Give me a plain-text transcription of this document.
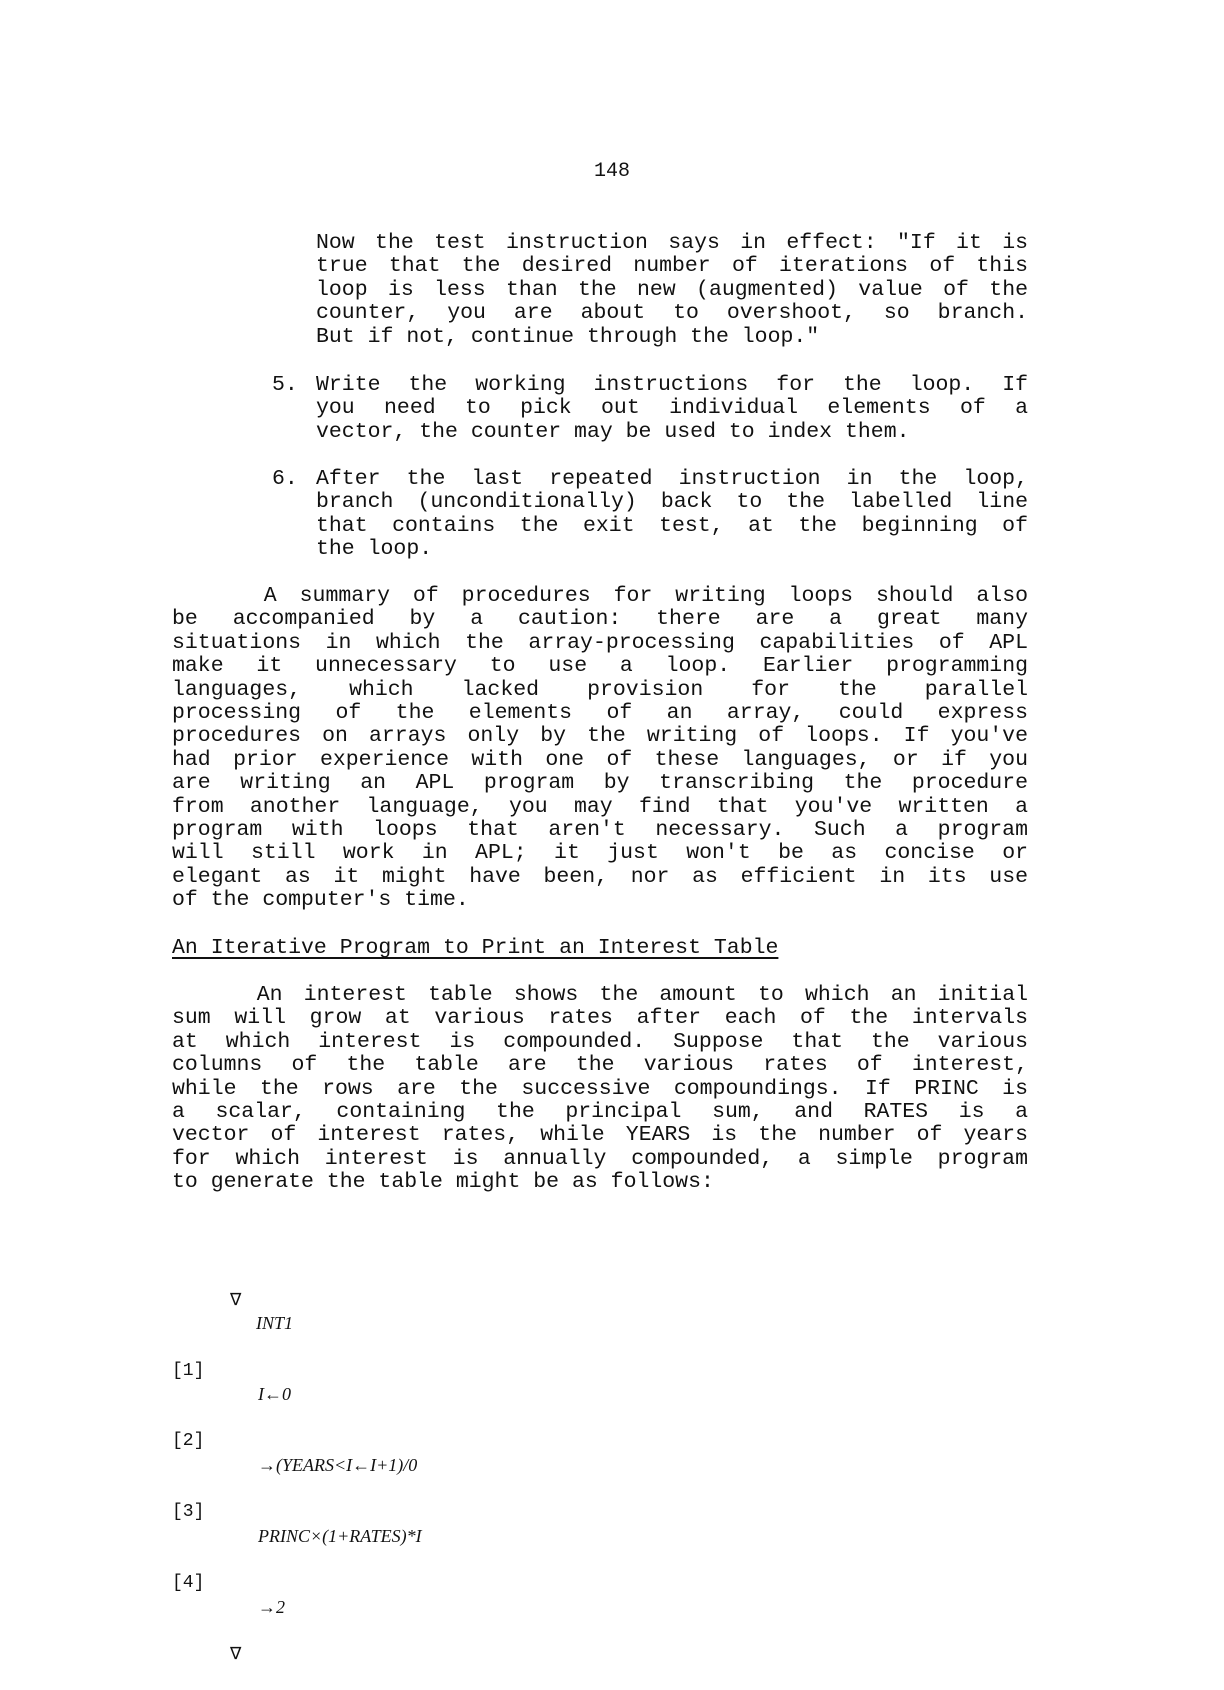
148
Now the test instruction says in effect: "If it is
true that the desired number of iterations of this
loop is less than the new (augmented) value of the
counter, you are about to overshoot, so branch.
But if not, continue through the loop."
5. Write the working instructions for the loop. If
you need to pick out individual elements of a
vector, the counter may be used to index them.
6. After the last repeated instruction in the loop,
branch (unconditionally) back to the labelled line
that contains the exit test, at the beginning of
the loop.
A summary of procedures for writing loops should also
be accompanied by a caution: there are a great many
situations in which the array-processing capabilities of APL
make it unnecessary to use a loop. Earlier programming
languages, which lacked provision for the parallel
processing of the elements of an array, could express
procedures on arrays only by the writing of loops. If you've
had prior experience with one of these languages, or if you
are writing an APL program by transcribing the procedure
from another language, you may find that you've written a
program with loops that aren't necessary. Such a program
will still work in APL; it just won't be as concise or
elegant as it might have been, nor as efficient in its use
of the computer's time.
An Iterative Program to Print an Interest Table
An interest table shows the amount to which an initial
sum will grow at various rates after each of the intervals
at which interest is compounded. Suppose that the various
columns of the table are the various rates of interest,
while the rows are the successive compoundings. If PRINC is
a scalar, containing the principal sum, and RATES is a
vector of interest rates, while YEARS is the number of years
for which interest is annually compounded, a simple program
to generate the table might be as follows:

∇

INT1

[1]

I←0

[2]

→(YEARS<I←I+1)/0

[3]

PRINC×(1+RATES)*I

[4]

→2

∇
